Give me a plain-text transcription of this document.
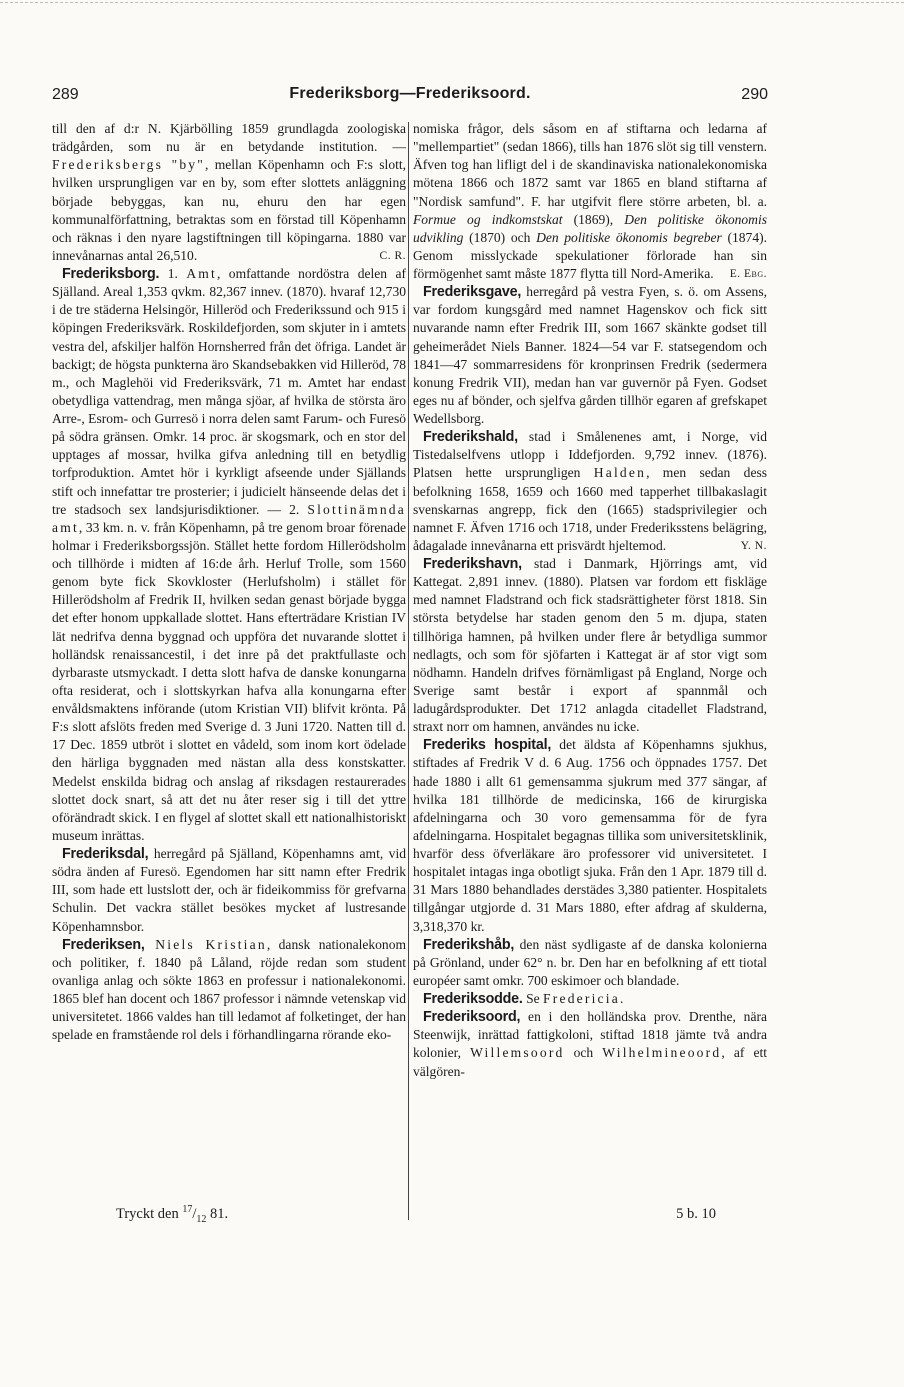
289	Frederiksborg—Frederiksoord.	290

till den af d:r N. Kjärbölling 1859 grundlagda zoologiska trädgården, som nu är en betydande institution. — Frederiksbergs "by", mellan Köpenhamn och F:s slott, hvilken ursprungligen var en by, som efter slottets anläggning började bebyggas, kan nu, ehuru den har egen kommunalförfattning, betraktas som en förstad till Köpenhamn och räknas i den nyare lagstiftningen till köpingarna. 1880 var innevånarnas antal 26,510.	C. R.

Frederiksborg. 1. Amt, omfattande nordöstra delen af Själland. Areal 1,353 qvkm. 82,367 innev. (1870). hvaraf 12,730 i de tre städerna Helsingör, Hilleröd och Frederikssund och 915 i köpingen Frederiksvärk. Roskildefjorden, som skjuter in i amtets vestra del, afskiljer halfön Hornsherred från det öfriga. Landet är backigt; de högsta punkterna äro Skandsebakken vid Hilleröd, 78 m., och Maglehöi vid Frederiksvärk, 71 m. Amtet har endast obetydliga vattendrag, men många sjöar, af hvilka de största äro Arre-, Esrom- och Gurresö i norra delen samt Farum- och Furesö på södra gränsen. Omkr. 14 proc. är skogsmark, och en stor del upptages af mossar, hvilka gifva anledning till en betydlig torfproduktion. Amtet hör i kyrkligt afseende under Själlands stift och innefattar tre prosterier; i judicielt hänseende delas det i tre stadsoch sex landsjurisdiktioner. — 2. Slottinämnda amt, 33 km. n. v. från Köpenhamn, på tre genom broar förenade holmar i Frederiksborgssjön. Stället hette fordom Hillerödsholm och tillhörde i midten af 16:de årh. Herluf Trolle, som 1560 genom byte fick Skovkloster (Herlufsholm) i stället för Hillerödsholm af Fredrik II, hvilken sedan genast började bygga det efter honom uppkallade slottet. Hans efterträdare Kristian IV lät nedrifva denna byggnad och uppföra det nuvarande slottet i holländsk renaissancestil, i det inre på det praktfullaste och dyrbaraste utsmyckadt. I detta slott hafva de danske konungarna ofta residerat, och i slottskyrkan hafva alla konungarna efter envåldsmaktens införande (utom Kristian VII) blifvit krönta. På F:s slott afslöts freden med Sverige d. 3 Juni 1720. Natten till d. 17 Dec. 1859 utbröt i slottet en vådeld, som inom kort ödelade den härliga byggnaden med nästan alla dess konstskatter. Medelst enskilda bidrag och anslag af riksdagen restaurerades slottet dock snart, så att det nu åter reser sig i till det yttre oförändradt skick. I en flygel af slottet skall ett nationalhistoriskt museum inrättas.

Frederiksdal, herregård på Själland, Köpenhamns amt, vid södra änden af Furesö. Egendomen har sitt namn efter Fredrik III, som hade ett lustslott der, och är fideikommiss för grefvarna Schulin. Det vackra stället besökes mycket af lustresande Köpenhamnsbor.

Frederiksen, Niels Kristian, dansk nationalekonom och politiker, f. 1840 på Låland, röjde redan som student ovanliga anlag och sökte 1863 en professur i nationalekonomi. 1865 blef han docent och 1867 professor i nämnde vetenskap vid universitetet. 1866 valdes han till ledamot af folketinget, der han spelade en framstående rol dels i förhandlingarna rörande eko-

nomiska frågor, dels såsom en af stiftarna och ledarna af "mellempartiet" (sedan 1866), tills han 1876 slöt sig till venstern. Äfven tog han lifligt del i de skandinaviska nationalekonomiska mötena 1866 och 1872 samt var 1865 en bland stiftarna af "Nordisk samfund". F. har utgifvit flere större arbeten, bl. a. Formue og indkomstskat (1869), Den politiske ökonomis udvikling (1870) och Den politiske ökonomis begreber (1874). Genom misslyckade spekulationer förlorade han sin förmögenhet samt måste 1877 flytta till Nord-Amerika. E. Ebg.

Frederiksgave, herregård på vestra Fyen, s. ö. om Assens, var fordom kungsgård med namnet Hagenskov och fick sitt nuvarande namn efter Fredrik III, som 1667 skänkte godset till geheimerådet Niels Banner. 1824—54 var F. statsegendom och 1841—47 sommarresidens för kronprinsen Fredrik (sedermera konung Fredrik VII), medan han var guvernör på Fyen. Godset eges nu af bönder, och sjelfva gården tillhör egaren af grefskapet Wedellsborg.

Frederikshald, stad i Smålenenes amt, i Norge, vid Tistedalselfvens utlopp i Iddefjorden. 9,792 innev. (1876). Platsen hette ursprungligen Halden, men sedan dess befolkning 1658, 1659 och 1660 med tapperhet tillbakaslagit svenskarnas angrepp, fick den (1665) stadsprivilegier och namnet F. Äfven 1716 och 1718, under Frederiksstens belägring, ådagalade innevånarna ett prisvärdt hjeltemod.	Y. N.

Frederikshavn, stad i Danmark, Hjörrings amt, vid Kattegat. 2,891 innev. (1880). Platsen var fordom ett fiskläge med namnet Fladstrand och fick stadsrättigheter först 1818. Sin största betydelse har staden genom den 5 m. djupa, staten tillhöriga hamnen, på hvilken under flere år betydliga summor nedlagts, och som för sjöfarten i Kattegat är af stor vigt som nödhamn. Handeln drifves förnämligast på England, Norge och Sverige samt består i export af spannmål och ladugårdsprodukter. Det 1712 anlagda citadellet Fladstrand, straxt norr om hamnen, användes nu icke.

Frederiks hospital, det äldsta af Köpenhamns sjukhus, stiftades af Fredrik V d. 6 Aug. 1756 och öppnades 1757. Det hade 1880 i allt 61 gemensamma sjukrum med 377 sängar, af hvilka 181 tillhörde de medicinska, 166 de kirurgiska afdelningarna och 30 voro gemensamma för de fyra afdelningarna. Hospitalet begagnas tillika som universitetsklinik, hvarför dess öfverläkare äro professorer vid universitetet. I hospitalet intagas inga obotligt sjuka. Från den 1 Apr. 1879 till d. 31 Mars 1880 behandlades derstädes 3,380 patienter. Hospitalets tillgångar utgjorde d. 31 Mars 1880, efter afdrag af skulderna, 3,318,370 kr.

Frederikshåb, den näst sydligaste af de danska kolonierna på Grönland, under 62° n. br. Den har en befolkning af ett tiotal européer samt omkr. 700 eskimoer och blandade.

Frederiksodde. Se Fredericia.

Frederiksoord, en i den holländska prov. Drenthe, nära Steenwijk, inrättad fattigkoloni, stiftad 1818 jämte två andra kolonier, Willemsoord och Wilhelmineoord, af ett välgören-

Tryckt den $^{17}/_{12}$ 81.	5 b. 10
